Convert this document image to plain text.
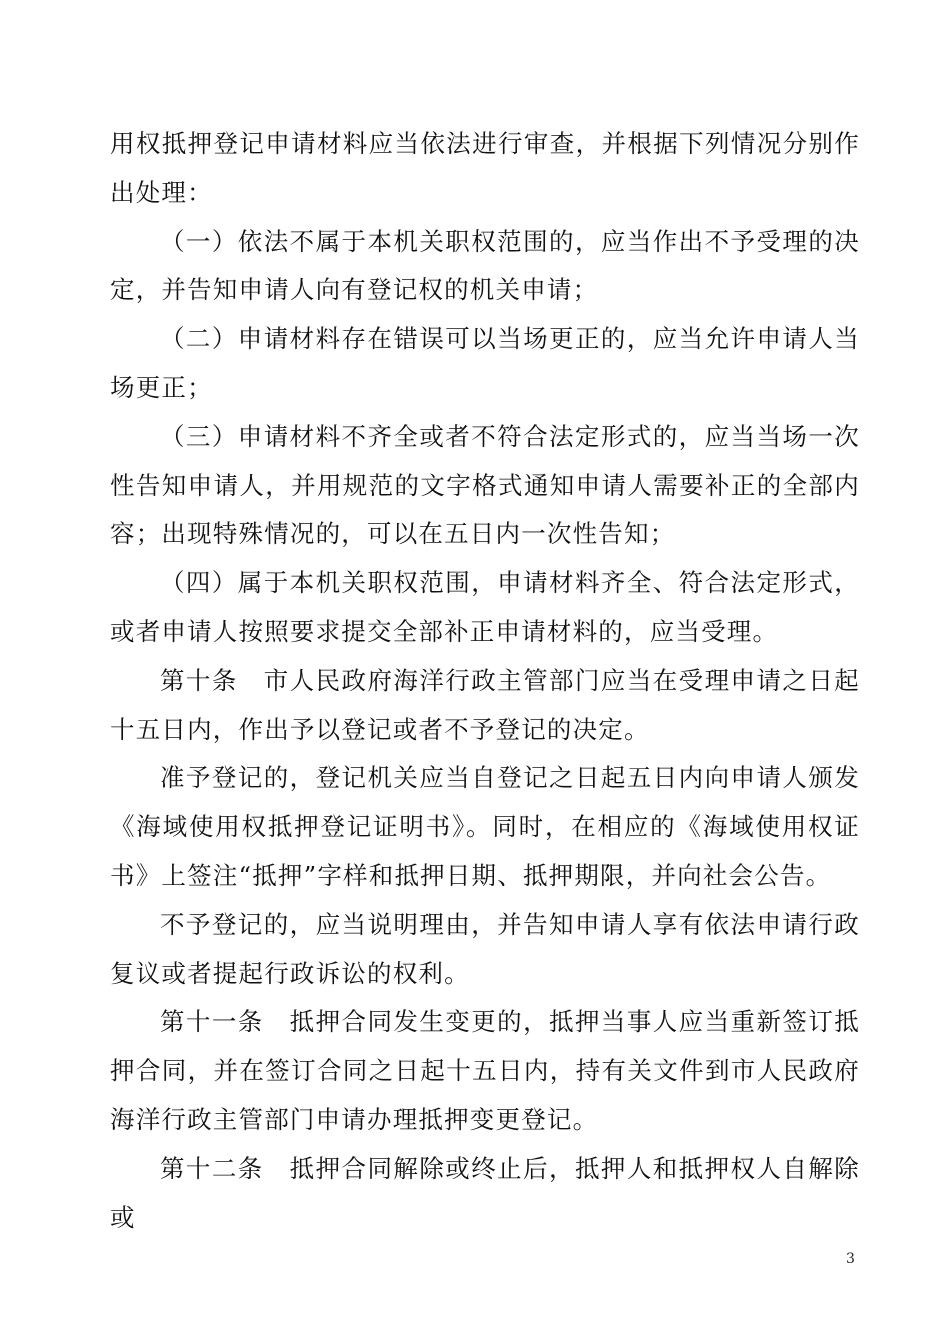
用权抵押登记申请材料应当依法进行审查，并根据下列情况分别作出处理：

（一）依法不属于本机关职权范围的，应当作出不予受理的决定，并告知申请人向有登记权的机关申请；

（二）申请材料存在错误可以当场更正的，应当允许申请人当场更正；

（三）申请材料不齐全或者不符合法定形式的，应当当场一次性告知申请人，并用规范的文字格式通知申请人需要补正的全部内容；出现特殊情况的，可以在五日内一次性告知；

（四）属于本机关职权范围，申请材料齐全、符合法定形式，或者申请人按照要求提交全部补正申请材料的，应当受理。

第十条　市人民政府海洋行政主管部门应当在受理申请之日起十五日内，作出予以登记或者不予登记的决定。

准予登记的，登记机关应当自登记之日起五日内向申请人颁发《海域使用权抵押登记证明书》。同时，在相应的《海域使用权证书》上签注“抵押”字样和抵押日期、抵押期限，并向社会公告。

不予登记的，应当说明理由，并告知申请人享有依法申请行政复议或者提起行政诉讼的权利。

第十一条　抵押合同发生变更的，抵押当事人应当重新签订抵押合同，并在签订合同之日起十五日内，持有关文件到市人民政府海洋行政主管部门申请办理抵押变更登记。

第十二条　抵押合同解除或终止后，抵押人和抵押权人自解除或

3
